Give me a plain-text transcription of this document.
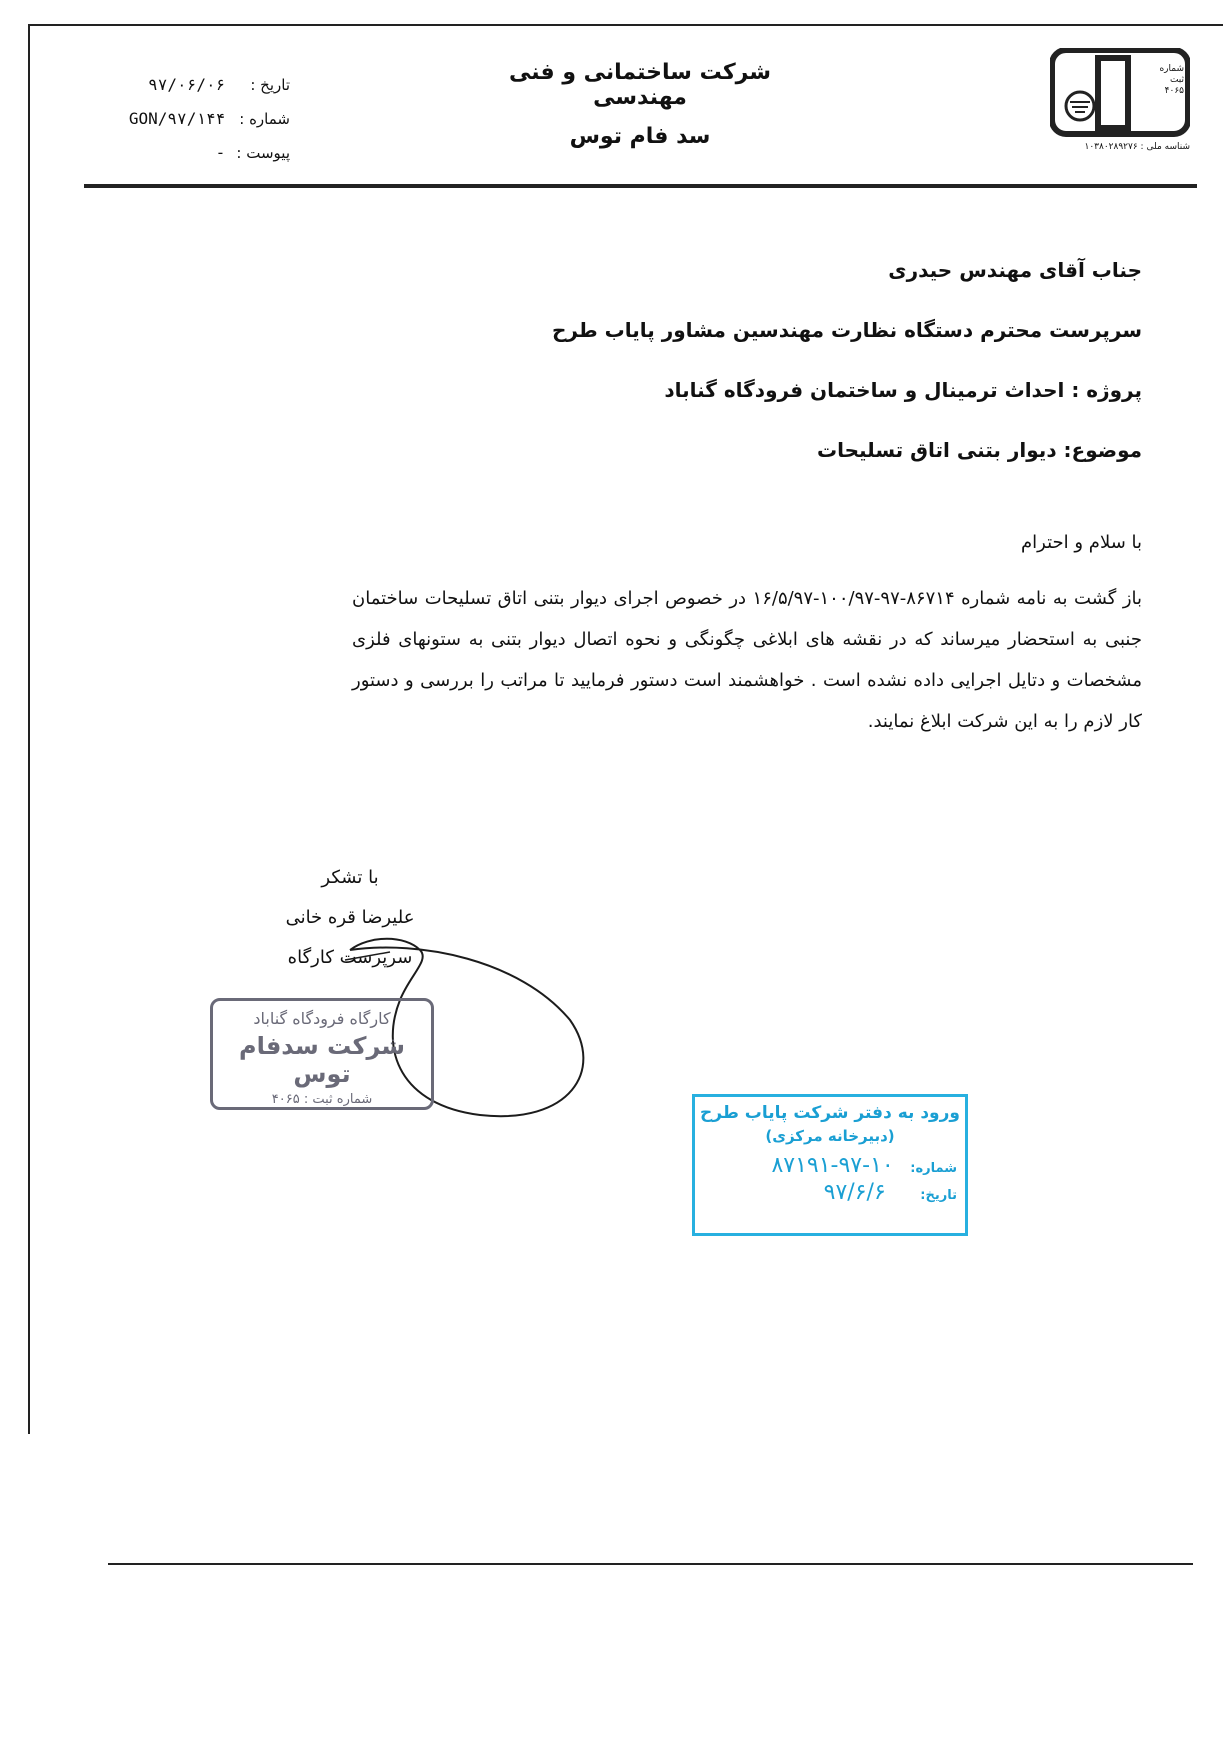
شماره ثبت
۴۰۶۵
شناسه ملی : ۱۰۳۸۰۲۸۹۲۷۶
شرکت ساختمانی و فنی مهندسی
سد فام توس
تاریخ : ۹۷/۰۶/۰۶
شماره : GON/۹۷/۱۴۴
پیوست : -
جناب آقای مهندس حیدری
سرپرست محترم دستگاه نظارت مهندسین مشاور پایاب طرح
پروژه : احداث ترمینال و ساختمان فرودگاه گناباد
موضوع: دیوار بتنی اتاق تسلیحات
با سلام و احترام
باز گشت به نامه شماره ۸۶۷۱۴-۹۷-۱۰۰/۹۷-۱۶/۵/۹۷ در خصوص اجرای دیوار بتنی اتاق تسلیحات ساختمان جنبی به استحضار میرساند که در نقشه های ابلاغی چگونگی و نحوه اتصال دیوار بتنی به ستونهای فلزی مشخصات و دتایل اجرایی داده نشده است . خواهشمند است دستور فرمایید تا مراتب را بررسی و دستور کار لازم را به این شرکت ابلاغ نمایند.
با تشکر
علیرضا قره خانی
سرپرست کارگاه
کارگاه فرودگاه گناباد
شرکت سدفام توس
شماره ثبت : ۴۰۶۵
ورود به دفتر شرکت پایاب طرح
(دبیرخانه مرکزی)
شماره: ۱۰-۹۷-۸۷۱۹۱
تاریخ: ۹۷/۶/۶
